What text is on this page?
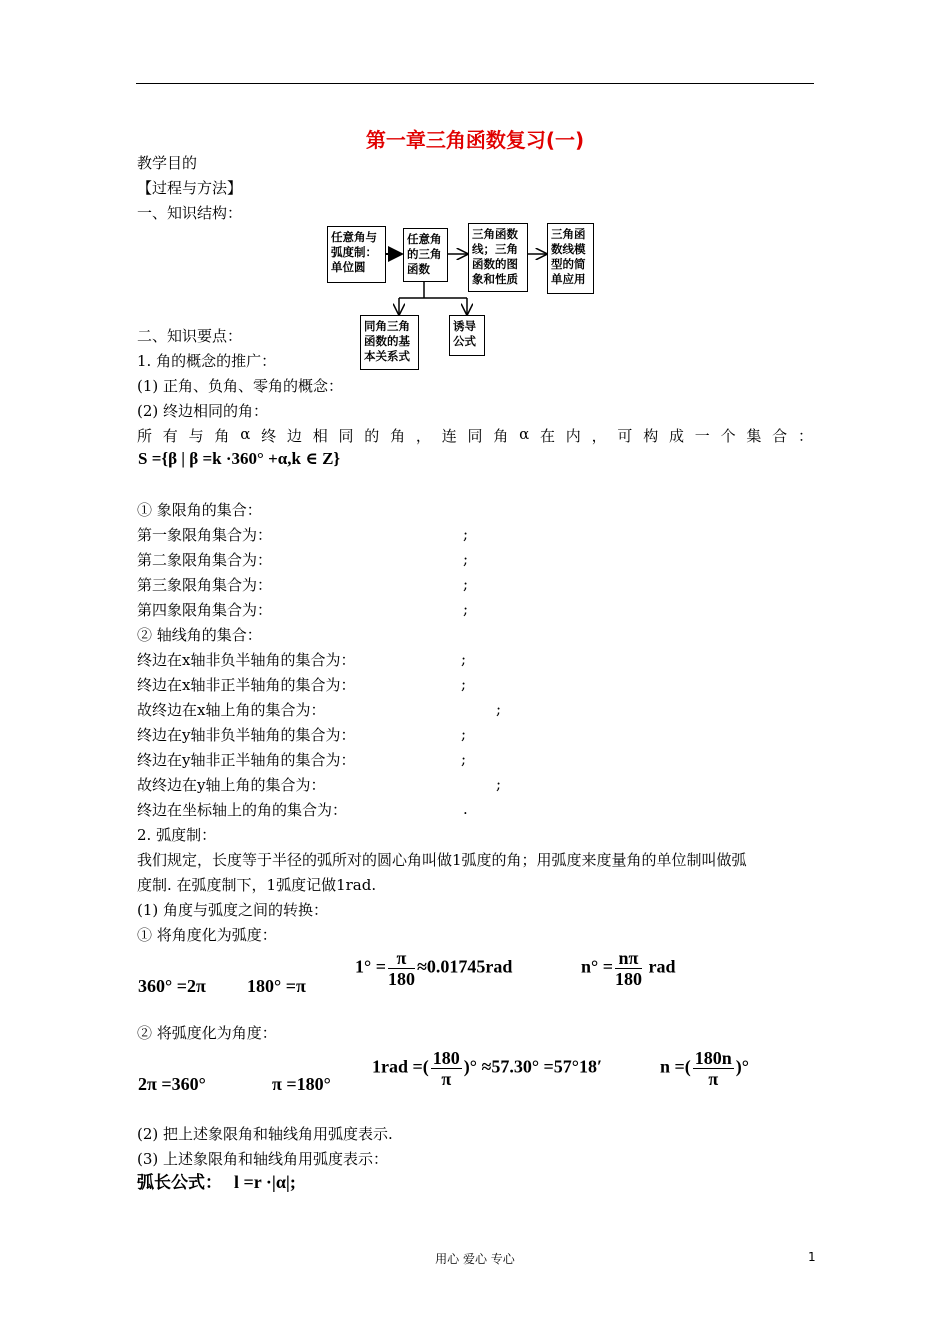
第一章三角函数复习(一)
教学目的
【过程与方法】
一、知识结构：
任意角与
弧度制：
单位圆
任意角
的三角
函数
三角函数
线；三角
函数的图
象和性质
三角函
数线模
型的简
单应用
同角三角
函数的基
本关系式
诱导
公式
二、知识要点：
1. 角的概念的推广：
(1) 正角、负角、零角的概念：
(2) 终边相同的角：
所 有 与 角 α 终 边 相 同 的 角 ， 连 同 角 α 在 内 ， 可 构 成 一 个 集 合 ：
S ={β | β =k ·360° +α,k ∈ Z}
① 象限角的集合：
第一象限角集合为：	;
第二象限角集合为：	;
第三象限角集合为：	;
第四象限角集合为：	;
② 轴线角的集合：
终边在x轴非负半轴角的集合为：	;
终边在x轴非正半轴角的集合为：	;
故终边在x轴上角的集合为：	;
终边在y轴非负半轴角的集合为：	;
终边在y轴非正半轴角的集合为：	;
故终边在y轴上角的集合为：	;
终边在坐标轴上的角的集合为：	.
2. 弧度制：
我们规定，长度等于半径的弧所对的圆心角叫做1弧度的角；用弧度来度量角的单位制叫做弧
度制. 在弧度制下，1弧度记做1rad.
(1) 角度与弧度之间的转换：
① 将角度化为弧度：
360° =2π 180° =π
$1^\circ = \frac{\pi}{180} \approx 0.01745rad$	$n^\circ = \frac{n\pi}{180}$ rad
② 将弧度化为角度：
2π =360°	π =180°
1rad =( $\frac{180}{\pi}$ )° ≈57.30° =57°18′	n =( $\frac{180n}{\pi}$ )°
(2) 把上述象限角和轴线角用弧度表示.
(3) 上述象限角和轴线角用弧度表示：
弧长公式： l =r ·|α|;
用心 爱心 专心	1
